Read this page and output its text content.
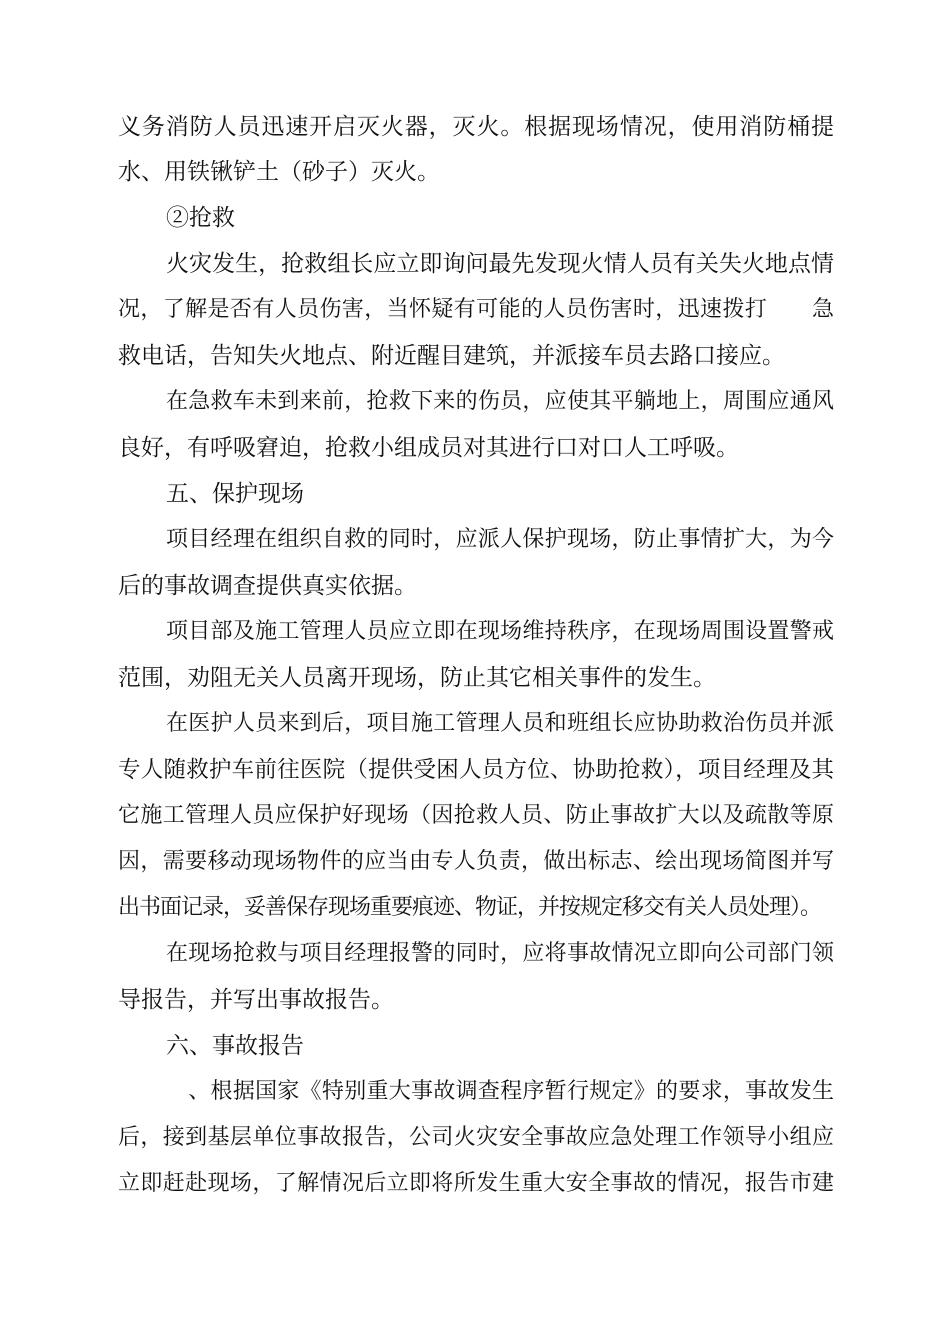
义务消防人员迅速开启灭火器，灭火。根据现场情况，使用消防桶提
水、用铁锹铲土（砂子）灭火。
②抢救
火灾发生，抢救组长应立即询问最先发现火情人员有关失火地点情
况，了解是否有人员伤害，当怀疑有可能的人员伤害时，迅速拨打　　急
救电话，告知失火地点、附近醒目建筑，并派接车员去路口接应。
在急救车未到来前，抢救下来的伤员，应使其平躺地上，周围应通风
良好，有呼吸窘迫，抢救小组成员对其进行口对口人工呼吸。
五、保护现场
项目经理在组织自救的同时，应派人保护现场，防止事情扩大，为今
后的事故调查提供真实依据。
项目部及施工管理人员应立即在现场维持秩序，在现场周围设置警戒
范围，劝阻无关人员离开现场，防止其它相关事件的发生。
在医护人员来到后，项目施工管理人员和班组长应协助救治伤员并派
专人随救护车前往医院（提供受困人员方位、协助抢救），项目经理及其
它施工管理人员应保护好现场（因抢救人员、防止事故扩大以及疏散等原
因，需要移动现场物件的应当由专人负责，做出标志、绘出现场简图并写
出书面记录，妥善保存现场重要痕迹、物证，并按规定移交有关人员处理）。
在现场抢救与项目经理报警的同时，应将事故情况立即向公司部门领
导报告，并写出事故报告。
六、事故报告
　、根据国家《特别重大事故调查程序暂行规定》的要求，事故发生
后，接到基层单位事故报告，公司火灾安全事故应急处理工作领导小组应
立即赶赴现场，了解情况后立即将所发生重大安全事故的情况，报告市建
